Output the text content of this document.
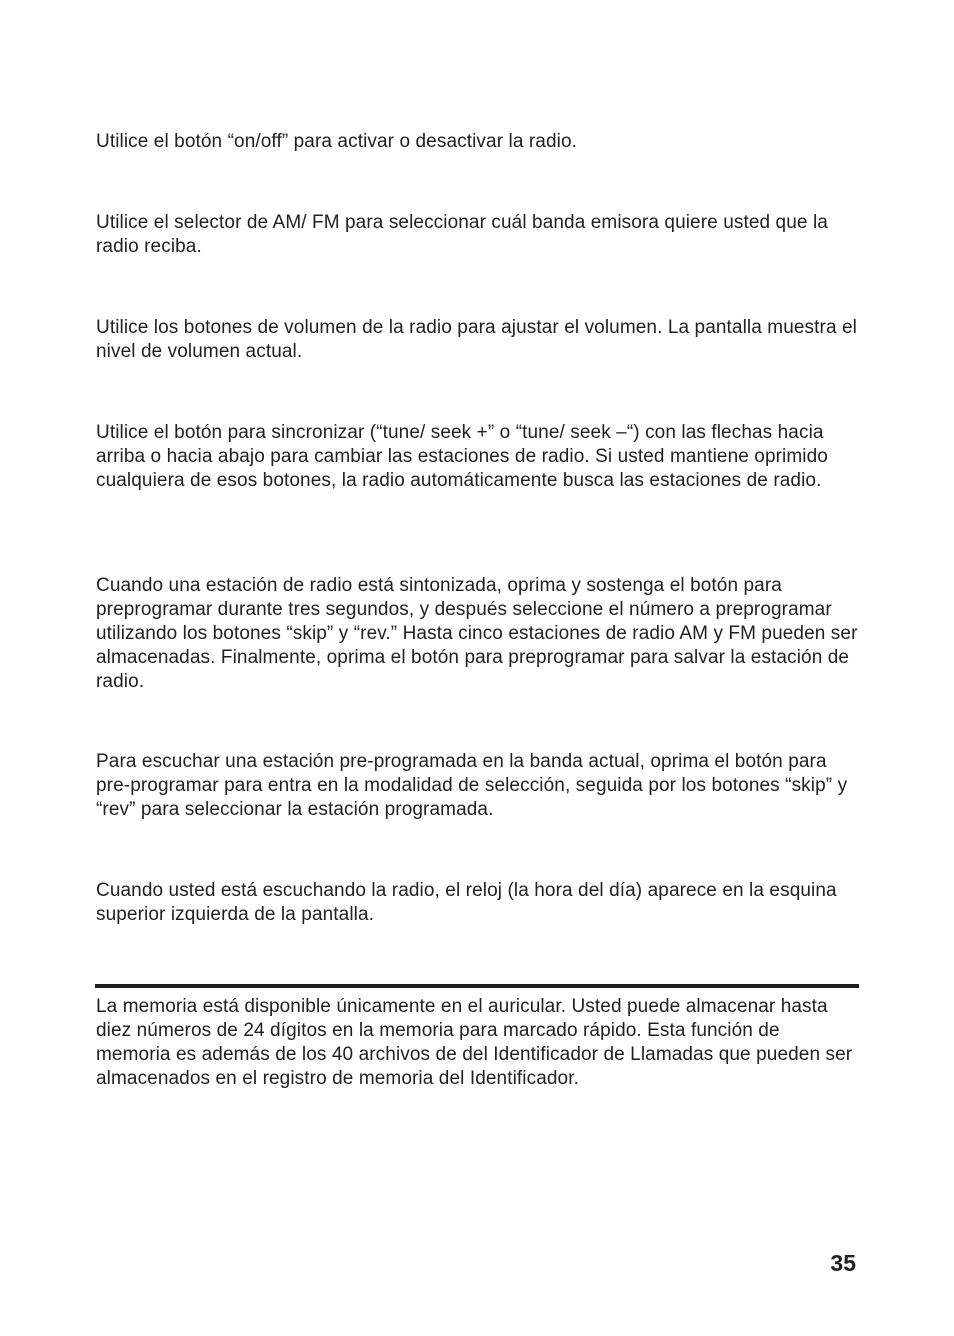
Utilice el botón “on/off” para activar o desactivar la radio.

Utilice el selector de AM/ FM para seleccionar cuál banda emisora quiere usted que la radio reciba.

Utilice los botones de volumen de la radio para ajustar el volumen. La pantalla muestra el nivel de volumen actual.

Utilice el botón para sincronizar (“tune/ seek +” o “tune/ seek –“) con las flechas hacia arriba o hacia abajo para cambiar las estaciones de radio. Si usted mantiene oprimido cualquiera de esos botones, la radio automáticamente busca las estaciones de radio.

Cuando una estación de radio está sintonizada, oprima y sostenga el botón para preprogramar durante tres segundos, y después seleccione el número a preprogramar utilizando los botones “skip” y “rev.” Hasta cinco estaciones de radio AM y FM pueden ser almacenadas. Finalmente, oprima el botón para preprogramar para salvar la estación de radio.

Para escuchar una estación pre-programada en la banda actual, oprima el botón para pre-programar para entra en la modalidad de selección, seguida por los botones “skip” y “rev” para seleccionar la estación programada.

Cuando usted está escuchando la radio, el reloj (la hora del día) aparece en la esquina superior izquierda de la pantalla.

La memoria está disponible únicamente en el auricular. Usted puede almacenar hasta diez números de 24 dígitos en la memoria para marcado rápido. Esta función de memoria es además de los 40 archivos de del Identificador de Llamadas que pueden ser almacenados en el registro de memoria del Identificador.

35
